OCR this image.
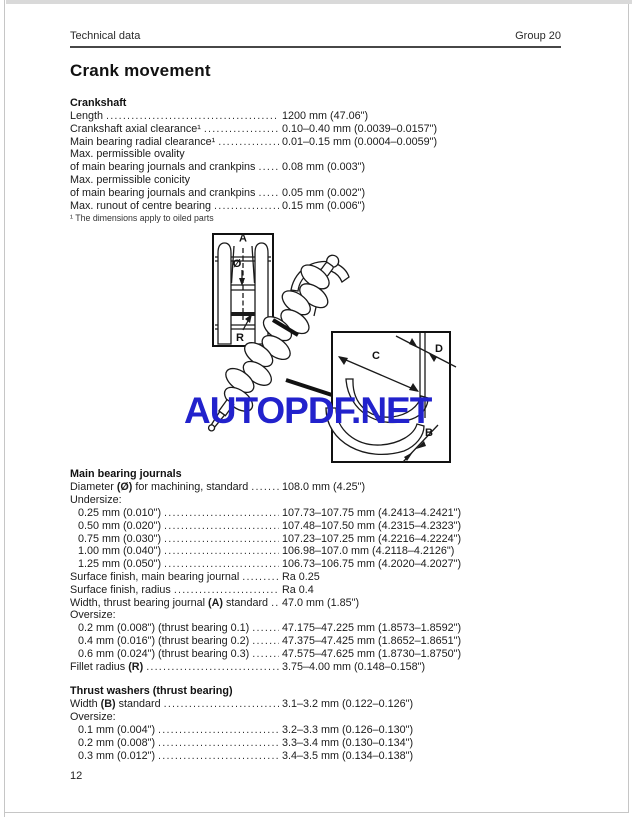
Technical data	Group 20
Crank movement
Crankshaft
Length .....	1200 mm (47.06")
Crankshaft axial clearance¹ .....	0.10–0.40 mm (0.0039–0.0157")
Main bearing radial clearance¹ .....	0.01–0.15 mm (0.0004–0.0059")
Max. permissible ovality
of main bearing journals and crankpins ..... 0.08 mm (0.003")
Max. permissible conicity
of main bearing journals and crankpins ..... 0.05 mm (0.002")
Max. runout of centre bearing .....	0.15 mm (0.006")
¹ The dimensions apply to oiled parts
A
Ø
R
C
D
B
AUTOPDF.NET
Main bearing journals
Diameter (Ø) for machining, standard .....	108.0 mm (4.25")
Undersize:
0.25 mm (0.010") .....	107.73–107.75 mm (4.2413–4.2421")
0.50 mm (0.020") .....	107.48–107.50 mm (4.2315–4.2323")
0.75 mm (0.030") .....	107.23–107.25 mm (4.2216–4.2224")
1.00 mm (0.040") .....	106.98–107.0 mm (4.2118–4.2126")
1.25 mm (0.050") .....	106.73–106.75 mm (4.2020–4.2027")
Surface finish, main bearing journal .....	Ra 0.25
Surface finish, radius .....	Ra 0.4
Width, thrust bearing journal (A) standard ..... 47.0 mm (1.85")
Oversize:
0.2 mm (0.008") (thrust bearing 0.1) .....	47.175–47.225 mm (1.8573–1.8592")
0.4 mm (0.016") (thrust bearing 0.2) .....	47.375–47.425 mm (1.8652–1.8651")
0.6 mm (0.024") (thrust bearing 0.3) .....	47.575–47.625 mm (1.8730–1.8750")
Fillet radius (R) .....	3.75–4.00 mm (0.148–0.158")
Thrust washers (thrust bearing)
Width (B) standard .....	3.1–3.2 mm (0.122–0.126")
Oversize:
0.1 mm (0.004") .....	3.2–3.3 mm (0.126–0.130")
0.2 mm (0.008") .....	3.3–3.4 mm (0.130–0.134")
0.3 mm (0.012") .....	3.4–3.5 mm (0.134–0.138")
12
